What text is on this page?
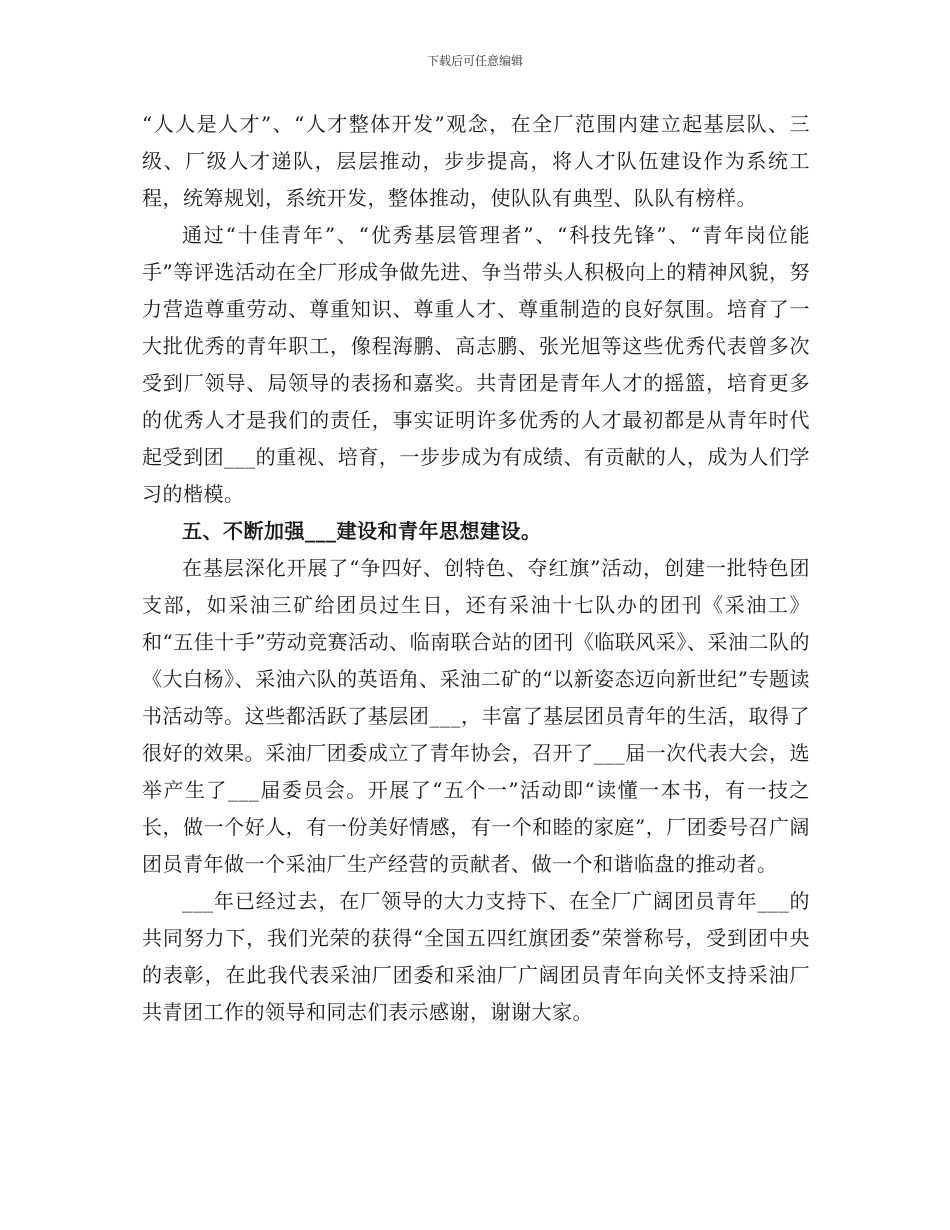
下载后可任意编辑

“人人是人才”、“人才整体开发”观念，在全厂范围内建立起基层队、三级、厂级人才递队，层层推动，步步提高，将人才队伍建设作为系统工程，统筹规划，系统开发，整体推动，使队队有典型、队队有榜样。

通过“十佳青年”、“优秀基层管理者”、“科技先锋”、“青年岗位能手”等评选活动在全厂形成争做先进、争当带头人积极向上的精神风貌，努力营造尊重劳动、尊重知识、尊重人才、尊重制造的良好氛围。培育了一大批优秀的青年职工，像程海鹏、高志鹏、张光旭等这些优秀代表曾多次受到厂领导、局领导的表扬和嘉奖。共青团是青年人才的摇篮，培育更多的优秀人才是我们的责任，事实证明许多优秀的人才最初都是从青年时代起受到团___的重视、培育，一步步成为有成绩、有贡献的人，成为人们学习的楷模。

五、不断加强___建设和青年思想建设。

在基层深化开展了“争四好、创特色、夺红旗”活动，创建一批特色团支部，如采油三矿给团员过生日，还有采油十七队办的团刊《采油工》和“五佳十手”劳动竞赛活动、临南联合站的团刊《临联风采》、采油二队的《大白杨》、采油六队的英语角、采油二矿的“以新姿态迈向新世纪”专题读书活动等。这些都活跃了基层团___，丰富了基层团员青年的生活，取得了很好的效果。采油厂团委成立了青年协会，召开了___届一次代表大会，选举产生了___届委员会。开展了“五个一”活动即“读懂一本书，有一技之长，做一个好人，有一份美好情感，有一个和睦的家庭”，厂团委号召广阔团员青年做一个采油厂生产经营的贡献者、做一个和谐临盘的推动者。

___年已经过去，在厂领导的大力支持下、在全厂广阔团员青年___的共同努力下，我们光荣的获得“全国五四红旗团委”荣誉称号，受到团中央的表彰，在此我代表采油厂团委和采油厂广阔团员青年向关怀支持采油厂共青团工作的领导和同志们表示感谢，谢谢大家。
